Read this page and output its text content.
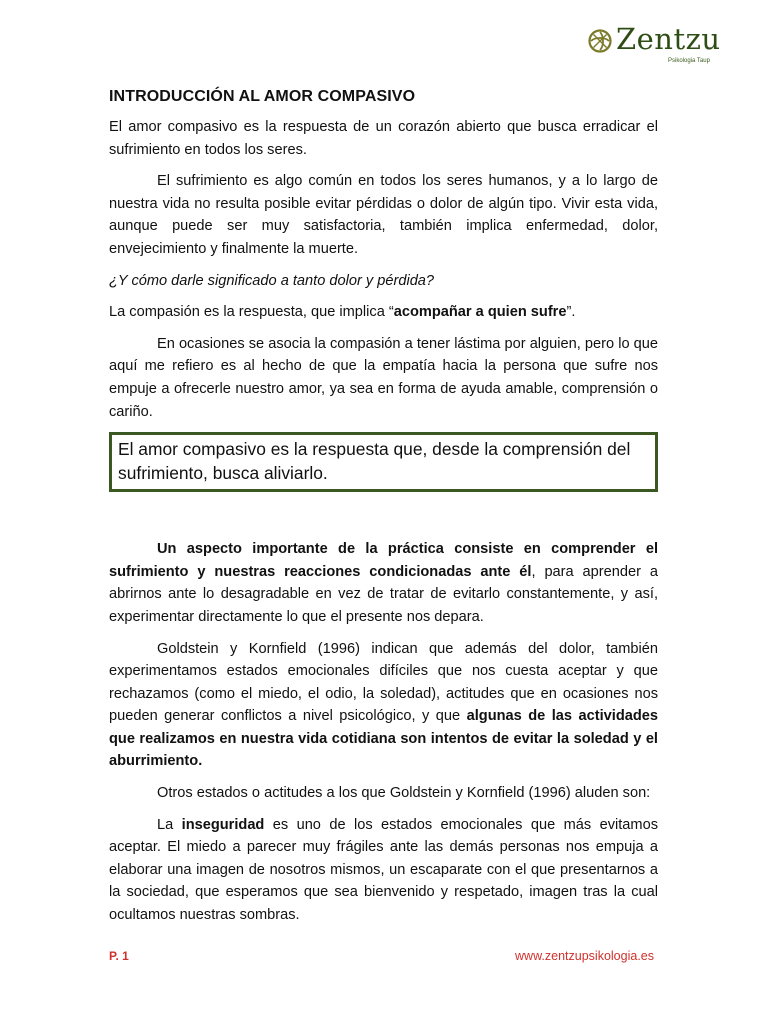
Zentzu
Psikologia Taup
INTRODUCCIÓN AL AMOR COMPASIVO

El amor compasivo es la respuesta de un corazón abierto que busca erradicar el sufrimiento en todos los seres.

El sufrimiento es algo común en todos los seres humanos, y a lo largo de nuestra vida no resulta posible evitar pérdidas o dolor de algún tipo. Vivir esta vida, aunque puede ser muy satisfactoria, también implica enfermedad, dolor, envejecimiento y finalmente la muerte.

¿Y cómo darle significado a tanto dolor y pérdida?

La compasión es la respuesta, que implica “acompañar a quien sufre”.

En ocasiones se asocia la compasión a tener lástima por alguien, pero lo que aquí me refiero es al hecho de que la empatía hacia la persona que sufre nos empuje a ofrecerle nuestro amor, ya sea en forma de ayuda amable, comprensión o cariño.

El amor compasivo es la respuesta que, desde la comprensión del sufrimiento, busca aliviarlo.

Un aspecto importante de la práctica consiste en comprender el sufrimiento y nuestras reacciones condicionadas ante él, para aprender a abrirnos ante lo desagradable en vez de tratar de evitarlo constantemente, y así, experimentar directamente lo que el presente nos depara.

Goldstein y Kornfield (1996) indican que además del dolor, también experimentamos estados emocionales difíciles que nos cuesta aceptar y que rechazamos (como el miedo, el odio, la soledad), actitudes que en ocasiones nos pueden generar conflictos a nivel psicológico, y que algunas de las actividades que realizamos en nuestra vida cotidiana son intentos de evitar la soledad y el aburrimiento.

Otros estados o actitudes a los que Goldstein y Kornfield (1996) aluden son:

La inseguridad es uno de los estados emocionales que más evitamos aceptar. El miedo a parecer muy frágiles ante las demás personas nos empuja a elaborar una imagen de nosotros mismos, un escaparate con el que presentarnos a la sociedad, que esperamos que sea bienvenido y respetado, imagen tras la cual ocultamos nuestras sombras.

P. 1	www.zentzupsikologia.es
